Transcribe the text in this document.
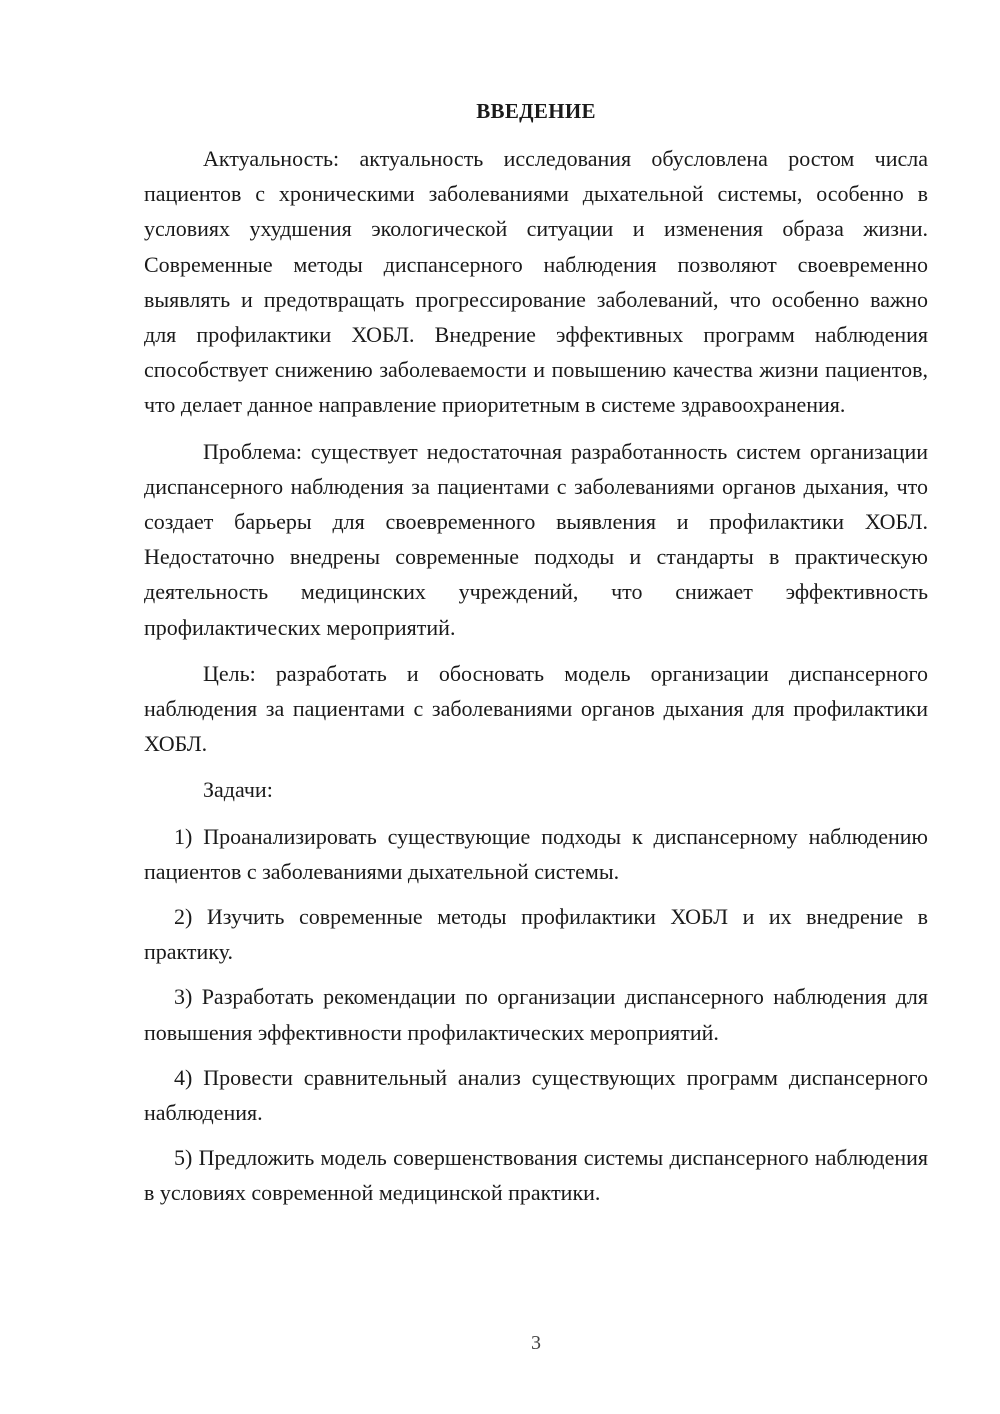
ВВЕДЕНИЕ

Актуальность: актуальность исследования обусловлена ростом числа пациентов с хроническими заболеваниями дыхательной системы, особенно в условиях ухудшения экологической ситуации и изменения образа жизни. Современные методы диспансерного наблюдения позволяют своевременно выявлять и предотвращать прогрессирование заболеваний, что особенно важно для профилактики ХОБЛ. Внедрение эффективных программ наблюдения способствует снижению заболеваемости и повышению качества жизни пациентов, что делает данное направление приоритетным в системе здравоохранения.

Проблема: существует недостаточная разработанность систем организации диспансерного наблюдения за пациентами с заболеваниями органов дыхания, что создает барьеры для своевременного выявления и профилактики ХОБЛ. Недостаточно внедрены современные подходы и стандарты в практическую деятельность медицинских учреждений, что снижает эффективность профилактических мероприятий.

Цель: разработать и обосновать модель организации диспансерного наблюдения за пациентами с заболеваниями органов дыхания для профилактики ХОБЛ.

Задачи:

1) Проанализировать существующие подходы к диспансерному наблюдению пациентов с заболеваниями дыхательной системы.

2) Изучить современные методы профилактики ХОБЛ и их внедрение в практику.

3) Разработать рекомендации по организации диспансерного наблюдения для повышения эффективности профилактических мероприятий.

4) Провести сравнительный анализ существующих программ диспансерного наблюдения.

5) Предложить модель совершенствования системы диспансерного наблюдения в условиях современной медицинской практики.

3
